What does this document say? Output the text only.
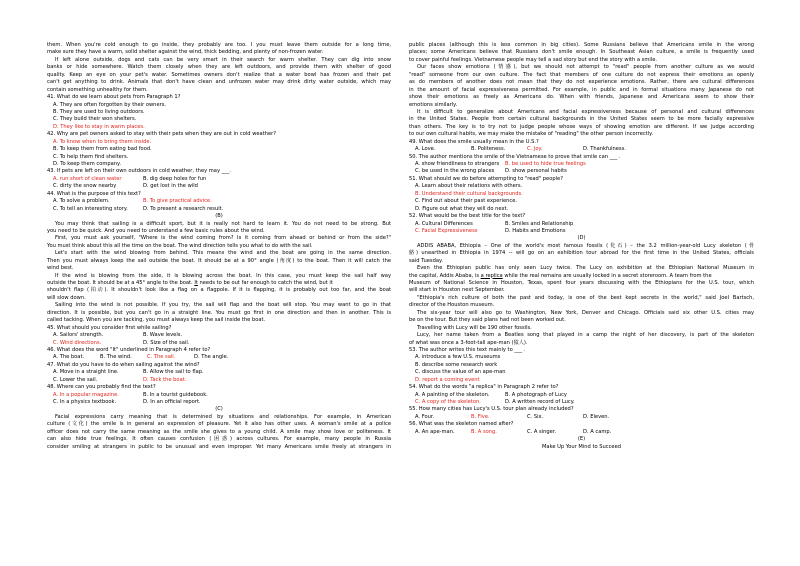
them. When you're cold enough to go inside, they probably are too. I you must leave them outside for a long time,
make sure they have a warm, solid shelter against the wind, thick bedding, and plenty of non-frozen water.
If left alone outside, dogs and cats can be very smart in their search for warm shelter. They can dig into snow
banks or hide somewhere. Watch them closely when they are left outdoors, and provide them with shelter of good
quality. Keep an eye on your pet's water. Sometimes owners don't realize that a water bowl has frozen and their pet
can't get anything to drink. Animals that don't have clean and unfrozen water may drink dirty water outside, which may
contain something unhealthy for them.
41. What do we learn about pets from Paragraph 1?
A. They are often forgotten by their owners.
B. They are used to living outdoors.
C. They build their won shelters.
D. They like to stay in warm places.
42. Why are pet owners asked to stay with their pets when they are out in cold weather?
A. To know when to bring them inside.
B. To keep them from eating bad food.
C. To help them find shelters.
D. To keep them company.
43. If pets are left on their own outdoors in cold weather, they may ___.
A. run short of clean water	B. dig deep holes for fun
C. dirty the snow nearby	D. get lost in the wild
44. What is the purpose of this text?
A. To solve a problem.	B. To give practical advice.
C. To tell an interesting story.	D. To present a research result.
(B)
You may think that sailing is a difficult sport, but it is really not hard to learn it. You do not need to be strong. But
you need to be quick. And you need to understand a few basic rules about the wind.
First, you must ask yourself, "Where is the wind coming from? Is it coming from ahead or behind or from the side?"
You must think about this all the time on the boat. The wind direction tells you what to do with the sail.
Let's start with the wind blowing from behind. This means the wind and the boat are going in the same direction.
Then you must always keep the sail outside the boat. It should be at a 90° angle (角度) to the boat. Then it will catch the
wind best.
If the wind is blowing from the side, it is blowing across the boat. In this case, you must keep the sail half way
outside the boat. It should be at a 45° angle to the boat. It needs to be out far enough to catch the wind, but it
shouldn't flap (拍动). It shouldn't look like a flag on a flagpole. If it is flapping, it is probably out too far, and the boat
will slow down.
Sailing into the wind is not possible. If you try, the sail will flap and the boat will stop. You may want to go in that
direction. It is possible, but you can't go in a straight line. You must go first in one direction and then in another. This is
called tacking. When you are tacking, you must always keep the sail inside the boat.
45. What should you consider first while sailing?
A. Sailors' strength.	B. Wave levels.
C. Wind directions.	D. Size of the sail.
46. What does the word "It" underlined in Paragraph 4 refer to?
A. The boat.	B. The wind.	C. The sail.	D. The angle.
47. What do you have to do when sailing against the wind?
A. Move in a straight line.	B. Allow the sail to flap.
C. Lower the sail.	D. Tack the boat.
48. Where can you probably find the text?
A. In a popular magazine.	B. In a tourist guidebook.
C. In a physics textbook.	D. In an official report.
(C)
Facial expressions carry meaning that is determined by situations and relationships. For example, in American
culture (文化) the smile is in general an expression of pleasure. Yet it also has other uses. A woman's smile at a police
officer does not carry the same meaning as the smile she gives to a young child. A smile may show love or politeness. It
can also hide true feelings. It often causes confusion (困惑) across cultures. For example, many people in Russia
consider smiling at strangers in public to be unusual and even improper. Yet many Americans smile freely at strangers in
public places (although this is less common in big cities). Some Russians believe that Americans smile in the wrong
places; some Americans believe that Russians don't smile enough. In Southeast Asian culture, a smile is frequently used
to cover painful feelings. Vietnamese people may tell a sad story but end the story with a smile.
Our faces show emotions (情感), but we should not attempt to "read" people from another culture as we would
"read" someone from our own culture. The fact that members of one culture do not express their emotions as openly
as do members of another does not mean that they do not experience emotions. Rather, there are cultural differences
in the amount of facial expressiveness permitted. For example, in public and in formal situations many Japanese do not
show their emotions as freely as Americans do. When with friends, Japanese and Americans seem to show their
emotions similarly.
It is difficult to generalize about Americans and facial expressiveness because of personal and cultural differences
in the United States. People from certain cultural backgrounds in the United States seem to be more facially expressive
than others. The key is to try not to judge people whose ways of showing emotion are different. If we judge according
to our own cultural habits, we may make the mistake of "reading" the other person incorrectly.
49. What does the smile usually mean in the U.S.?
A. Love.	B. Politeness.	C. Joy.	D. Thankfulness.
50. The author mentions the smile of the Vietnamese to prove that smile can ___ .
A. show friendliness to strangers B. be used to hide true feelings
C. be used in the wrong places D. show personal habits
51. What should we do before attempting to "read" people?
A. Learn about their relations with others.
B. Understand their cultural backgrounds.
C. Find out about their past experience.
D. Figure out what they will do next.
52. What would be the best title for the text?
A. Cultural Differences	B. Smiles and Relationship
C. Facial Expressiveness	D. Habits and Emotions
(D)
ADDIS ABABA, Ethiopia – One of the world's most famous fossils (化石) – the 3.2 million-year-old Lucy skeleton (骨
骼) unearthed in Ethiopia in 1974 -- will go on an exhibition tour abroad for the first time in the United States, officials
said Tuesday.
Even the Ethiopian public has only seen Lucy twice. The Lucy on exhibition at the Ethiopian National Museum in
the capital, Addis Ababa, is a replica while the real remains are usually locked in a secret storeroom. A team from the
Museum of National Science in Houston, Texas, spent four years discussing with the Ethiopians for the U.S. tour, which
will start in Houston next September.
"Ethiopia's rich culture of both the past and today, is one of the best kept secrets in the world," said Joel Bartsch,
director of the Houston museum.
The six-year tour will also go to Washington, New York, Denver and Chicago. Officials said six other U.S. cities may
be on the tour. But they said plans had not been worked out.
Travelling with Lucy will be 190 other fossils.
Lucy, her name taken from a Beatles song that played in a camp the night of her discovery, is part of the skeleton
of what was once a 3-foot-tall ape-man (猿人).
53. The author writes this text mainly to ___ .
A. introduce a few U.S. museums
B. describe some research work
C. discuss the value of an ape-man
D. report a coming event
54. What do the words "a replica" in Paragraph 2 refer to?
A. A painting of the skeleton.	B. A photograph of Lucy
C. A copy of the skeleton.	D. A written record of Lucy.
55. How many cities has Lucy's U.S. tour plan already included?
A. Four.	B. Five.	C. Six.	D. Eleven.
56. What was the skeleton named after?
A. An ape-man.	B. A song.	C. A singer.	D. A camp.
(E)
Make Up Your Mind to Succeed
